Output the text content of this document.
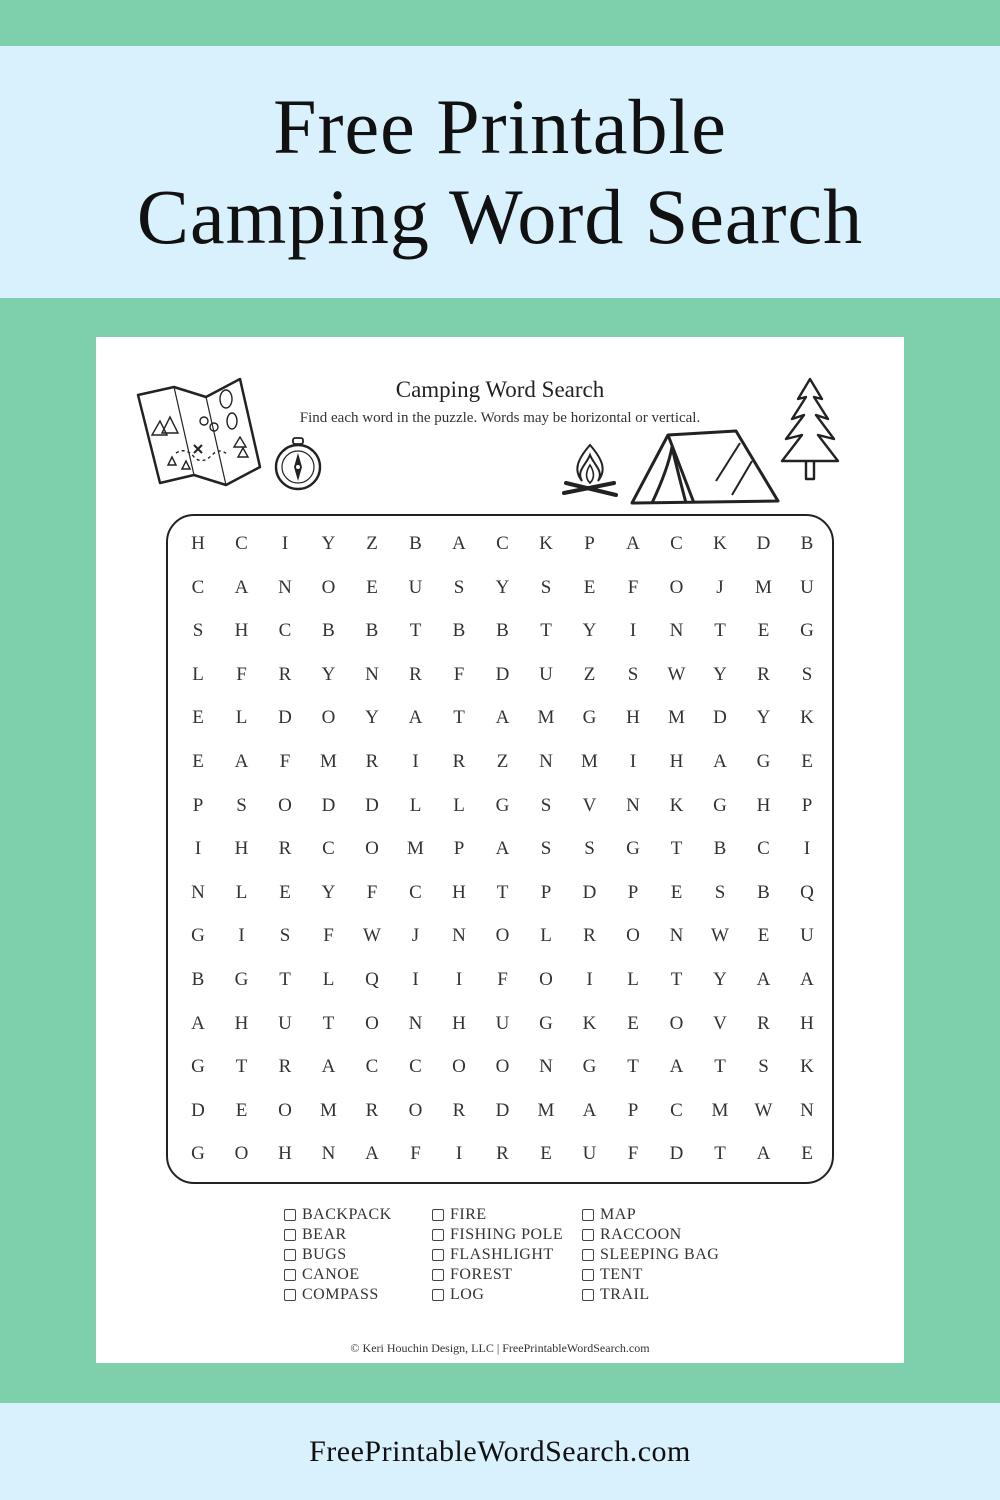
Free Printable
Camping Word Search
Camping Word Search
Find each word in the puzzle. Words may be horizontal or vertical.
H	C	I	Y	Z	B	A	C	K	P	A	C	K	D	B
C	A	N	O	E	U	S	Y	S	E	F	O	J	M	U
S	H	C	B	B	T	B	B	T	Y	I	N	T	E	G
L	F	R	Y	N	R	F	D	U	Z	S	W	Y	R	S
E	L	D	O	Y	A	T	A	M	G	H	M	D	Y	K
E	A	F	M	R	I	R	Z	N	M	I	H	A	G	E
P	S	O	D	D	L	L	G	S	V	N	K	G	H	P
I	H	R	C	O	M	P	A	S	S	G	T	B	C	I
N	L	E	Y	F	C	H	T	P	D	P	E	S	B	Q
G	I	S	F	W	J	N	O	L	R	O	N	W	E	U
B	G	T	L	Q	I	I	F	O	I	L	T	Y	A	A
A	H	U	T	O	N	H	U	G	K	E	O	V	R	H
G	T	R	A	C	C	O	O	N	G	T	A	T	S	K
D	E	O	M	R	O	R	D	M	A	P	C	M	W	N
G	O	H	N	A	F	I	R	E	U	F	D	T	A	E
BACKPACK
BEAR
BUGS
CANOE
COMPASS
FIRE
FISHING POLE
FLASHLIGHT
FOREST
LOG
MAP
RACCOON
SLEEPING BAG
TENT
TRAIL
© Keri Houchin Design, LLC | FreePrintableWordSearch.com
FreePrintableWordSearch.com
